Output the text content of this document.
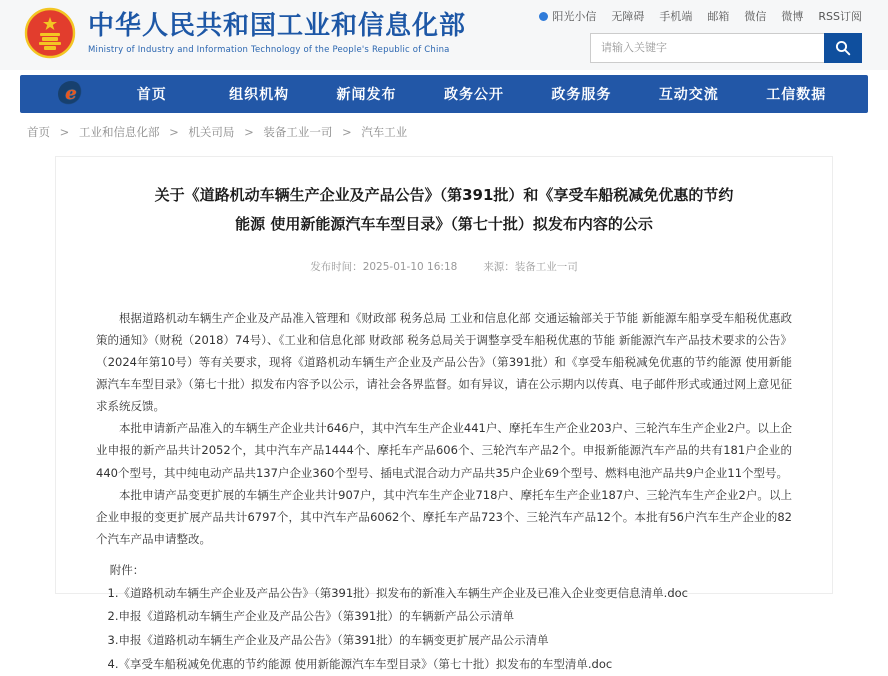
中华人民共和国工业和信息化部
Ministry of Industry and Information Technology of the People's Republic of China
阳光小信 无障碍 手机端 邮箱 微信 微博 RSS订阅
请输入关键字
e	首页	组织机构	新闻发布	政务公开	政务服务	互动交流	工信数据
首页 > 工业和信息化部 > 机关司局 > 装备工业一司 > 汽车工业
关于《道路机动车辆生产企业及产品公告》（第391批）和《享受车船税减免优惠的节约能源 使用新能源汽车车型目录》（第七十批）拟发布内容的公示
发布时间：2025-01-10 16:18 来源：装备工业一司

根据道路机动车辆生产企业及产品准入管理和《财政部 税务总局 工业和信息化部 交通运输部关于节能 新能源车船享受车船税优惠政策的通知》（财税（2018）74号）、《工业和信息化部 财政部 税务总局关于调整享受车船税优惠的节能 新能源汽车产品技术要求的公告》（2024年第10号）等有关要求，现将《道路机动车辆生产企业及产品公告》（第391批）和《享受车船税减免优惠的节约能源 使用新能源汽车车型目录》（第七十批）拟发布内容予以公示，请社会各界监督。如有异议，请在公示期内以传真、电子邮件形式或通过网上意见征求系统反馈。

本批申请新产品准入的车辆生产企业共计646户，其中汽车生产企业441户、摩托车生产企业203户、三轮汽车生产企业2户。以上企业申报的新产品共计2052个，其中汽车产品1444个、摩托车产品606个、三轮汽车产品2个。申报新能源汽车产品的共有181户企业的440个型号，其中纯电动产品共137户企业360个型号、插电式混合动力产品共35户企业69个型号、燃料电池产品共9户企业11个型号。

本批申请产品变更扩展的车辆生产企业共计907户，其中汽车生产企业718户、摩托车生产企业187户、三轮汽车生产企业2户。以上企业申报的变更扩展产品共计6797个，其中汽车产品6062个、摩托车产品723个、三轮汽车产品12个。本批有56户汽车生产企业的82个汽车产品申请整改。

附件：
1.《道路机动车辆生产企业及产品公告》（第391批）拟发布的新准入车辆生产企业及已准入企业变更信息清单.doc
2.申报《道路机动车辆生产企业及产品公告》（第391批）的车辆新产品公示清单
3.申报《道路机动车辆生产企业及产品公告》（第391批）的车辆变更扩展产品公示清单
4.《享受车船税减免优惠的节约能源 使用新能源汽车车型目录》（第七十批）拟发布的车型清单.doc
